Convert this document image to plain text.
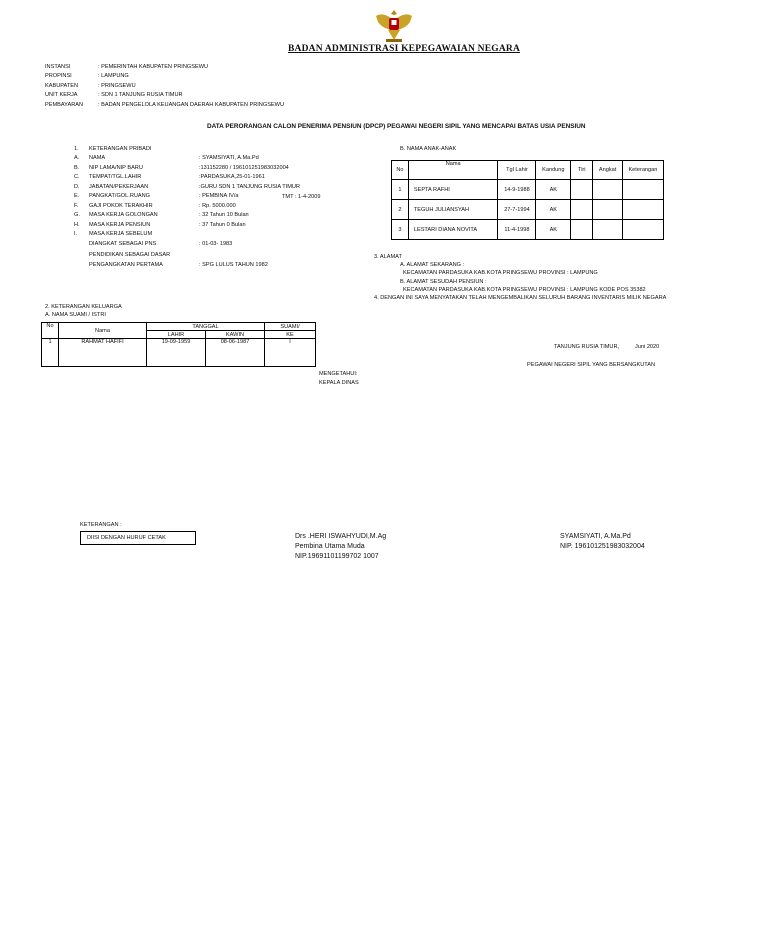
BADAN ADMINISTRASI KEPEGAWAIAN NEGARA
INSTANSI	: PEMERINTAH KABUPATEN PRINGSEWU
PROPINSI	: LAMPUNG
KABUPATEN	: PRINGSEWU
UNIT KERJA	: SDN 1 TANJUNG RUSIA TIMUR
PEMBAYARAN	: BADAN PENGELOLA KEUANGAN DAERAH KABUPATEN PRINGSEWU
DATA PERORANGAN CALON PENERIMA PENSIUN (DPCP) PEGAWAI NEGERI SIPIL YANG MENCAPAI BATAS USIA PENSIUN
1. KETERANGAN PRIBADI
A. NAMA	: SYAMSIYATI, A.Ma.Pd
B. NIP LAMA/NIP BARU	:131152280 / 196101251983032004
C. TEMPAT/TGL.LAHIR	:PARDASUKA,25-01-1961
D. JABATAN/PEKERJAAN	:GURU SDN 1 TANJUNG RUSIA TIMUR
E. PANGKAT/GOL.RUANG	: PEMBINA IV/a
F. GAJI POKOK TERAKHIR	: Rp. 5000.000
G. MASA KERJA GOLONGAN	: 32 Tahun 10 Bulan
H. MASA KERJA PENSIUN	: 37 Tahun 0 Bulan
I. MASA KERJA SEBELUM
TMT : 1-4-2009
DIANGKAT SEBAGAI PNS	: 01-03- 1983
PENDIDIKAN SEBAGAI DASAR
PENGANGKATAN PERTAMA	: SPG LULUS TAHUN 1982
B. NAMA ANAK-ANAK
No	Nama	Tgl Lahir	Kandung	Tiri	Angkat	Keterangan
1	SEPTA RAFHI	14-9-1988	AK			
2	TEGUH JULIANSYAH	27-7-1994	AK			
3	LESTARI DIANA NOVITA	11-4-1998	AK			
3. ALAMAT
A. ALAMAT SEKARANG :
KECAMATAN PARDASUKA KAB.KOTA PRINGSEWU PROVINSI : LAMPUNG
B. ALAMAT SESUDAH PENSIUN :
KECAMATAN PARDASUKA KAB.KOTA PRINGSEWU PROVINSI : LAMPUNG KODE POS 35382
4. DENGAN INI SAYA MENYATAKAN TELAH MENGEMBALIKAN SELURUH BARANG INVENTARIS MILIK NEGARA
2. KETERANGAN KELUARGA
A. NAMA SUAMI / ISTRI
No	Nama	TANGGAL		SUAMI/
		LAHIR	KAWIN	KE
1	RAHMAT HAFIFI	19-09-1959	08-06-1987	I
TANJUNG RUSIA TIMUR,	Juni 2020
PEGAWAI NEGERI SIPIL YANG BERSANGKUTAN
MENGETAHUI:
KEPALA DINAS
KETERANGAN :
DIISI DENGAN HURUF CETAK	Drs .HERI ISWAHYUDI,M.Ag
Pembina Utama Muda
NIP.19691101199702 1007
SYAMSIYATI, A.Ma.Pd
NIP. 196101251983032004
